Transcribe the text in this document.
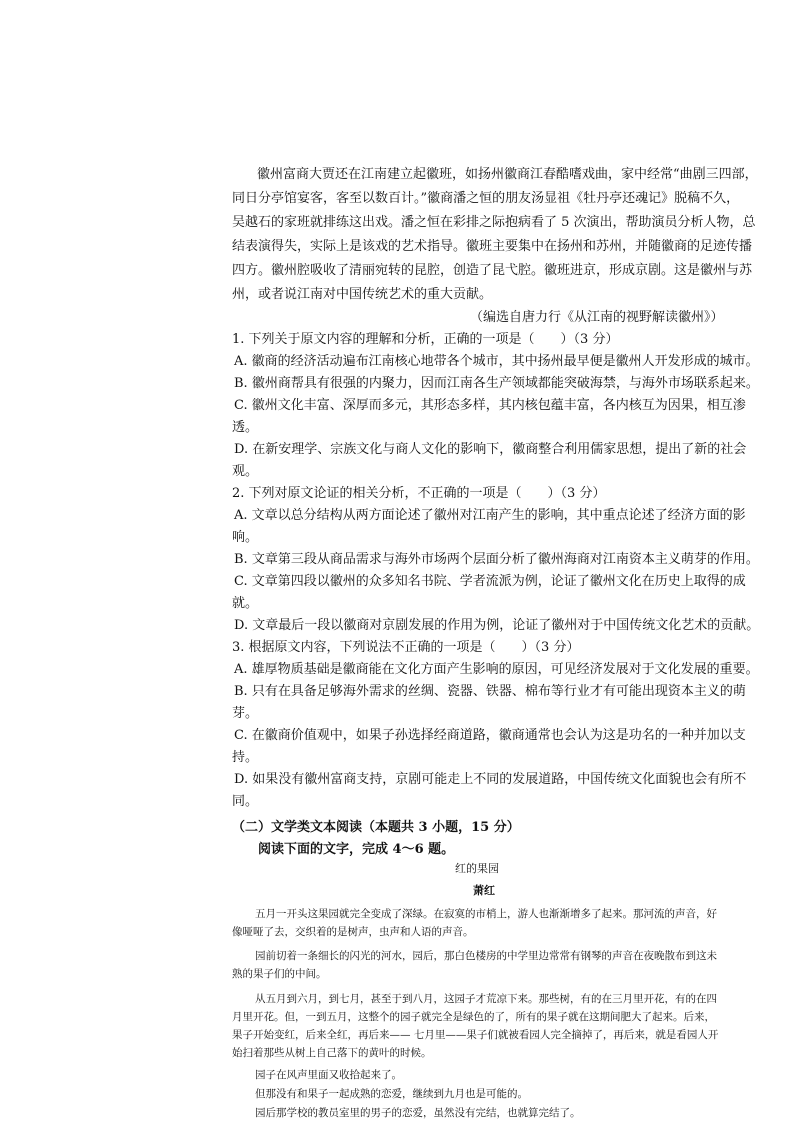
徽州富商大贾还在江南建立起徽班，如扬州徽商江春酷嗜戏曲，家中经常“曲剧三四部，
同日分亭馆宴客，客至以数百计。”徽商潘之恒的朋友汤显祖《牡丹亭还魂记》脱稿不久，
吴越石的家班就排练这出戏。潘之恒在彩排之际抱病看了 5 次演出，帮助演员分析人物，总
结表演得失，实际上是该戏的艺术指导。徽班主要集中在扬州和苏州，并随徽商的足迹传播
四方。徽州腔吸收了清丽宛转的昆腔，创造了昆弋腔。徽班进京，形成京剧。这是徽州与苏
州，或者说江南对中国传统艺术的重大贡献。
（编选自唐力行《从江南的视野解读徽州》）
1. 下列关于原文内容的理解和分析，正确的一项是（　　）（3 分）
A. 徽商的经济活动遍布江南核心地带各个城市，其中扬州最早便是徽州人开发形成的城市。
B. 徽州商帮具有很强的内聚力，因而江南各生产领域都能突破海禁，与海外市场联系起来。
C. 徽州文化丰富、深厚而多元，其形态多样，其内核包蕴丰富，各内核互为因果，相互渗
透。
D. 在新安理学、宗族文化与商人文化的影响下，徽商整合利用儒家思想，提出了新的社会
观。
2. 下列对原文论证的相关分析，不正确的一项是（　　）（3 分）
A. 文章以总分结构从两方面论述了徽州对江南产生的影响，其中重点论述了经济方面的影
响。
B. 文章第三段从商品需求与海外市场两个层面分析了徽州海商对江南资本主义萌芽的作用。
C. 文章第四段以徽州的众多知名书院、学者流派为例，论证了徽州文化在历史上取得的成
就。
D. 文章最后一段以徽商对京剧发展的作用为例，论证了徽州对于中国传统文化艺术的贡献。
3. 根据原文内容，下列说法不正确的一项是（　　）（3 分）
A. 雄厚物质基础是徽商能在文化方面产生影响的原因，可见经济发展对于文化发展的重要。
B. 只有在具备足够海外需求的丝绸、瓷器、铁器、棉布等行业才有可能出现资本主义的萌
芽。
C. 在徽商价值观中，如果子孙选择经商道路，徽商通常也会认为这是功名的一种并加以支
持。
D. 如果没有徽州富商支持，京剧可能走上不同的发展道路，中国传统文化面貌也会有所不
同。
（二）文学类文本阅读（本题共 3 小题，15 分）
阅读下面的文字，完成 4～6 题。
红的果园
萧红
五月一开头这果园就完全变成了深绿。在寂寞的市梢上，游人也渐渐增多了起来。那河流的声音，好
像哑哑了去，交织着的是树声，虫声和人语的声音。
园前切着一条细长的闪光的河水，园后，那白色楼房的中学里边常常有钢琴的声音在夜晚散布到这未
熟的果子们的中间。
从五月到六月，到七月，甚至于到八月，这园子才荒凉下来。那些树，有的在三月里开花，有的在四
月里开花。但，一到五月，这整个的园子就完全是绿色的了，所有的果子就在这期间肥大了起来。后来，
果子开始变红，后来全红，再后来—— 七月里——果子们就被看园人完全摘掉了，再后来，就是看园人开
始扫着那些从树上自己落下的黄叶的时候。
园子在风声里面又收拾起来了。
但那没有和果子一起成熟的恋爱，继续到九月也是可能的。
园后那学校的教员室里的男子的恋爱，虽然没有完结，也就算完结了。
